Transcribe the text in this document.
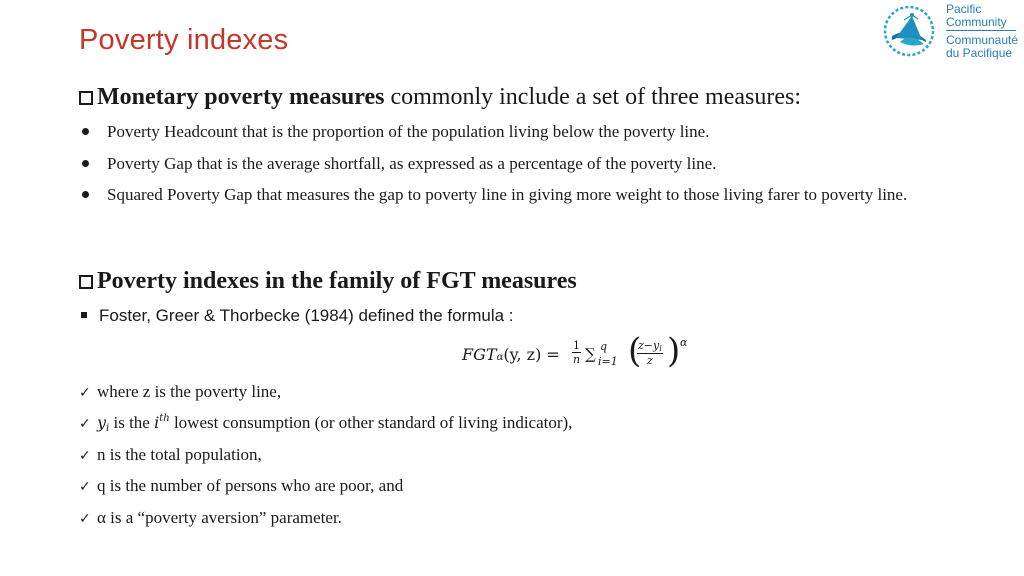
Poverty indexes
Pacific
Community
Communauté
du Pacifique
Monetary poverty measures commonly include a set of three measures:
Poverty Headcount that is the proportion of the population living below the poverty line.
Poverty Gap that is the average shortfall, as expressed as a percentage of the poverty line.
Squared Poverty Gap that measures the gap to poverty line in giving more weight to those living farer to poverty line.
Poverty indexes in the family of FGT measures
Foster, Greer & Thorbecke (1984) defined the formula :
FGTα(y, $z) = \frac{1}{n}$ ∑ q
i=1 (
$\frac{z-yi}{z}$ ) α
✓ where z is the poverty line,
✓ yi is the $i^{th}$ lowest consumption (or other standard of living indicator),
✓ n is the total population,
✓ q is the number of persons who are poor, and
✓ α is a “poverty aversion” parameter.
